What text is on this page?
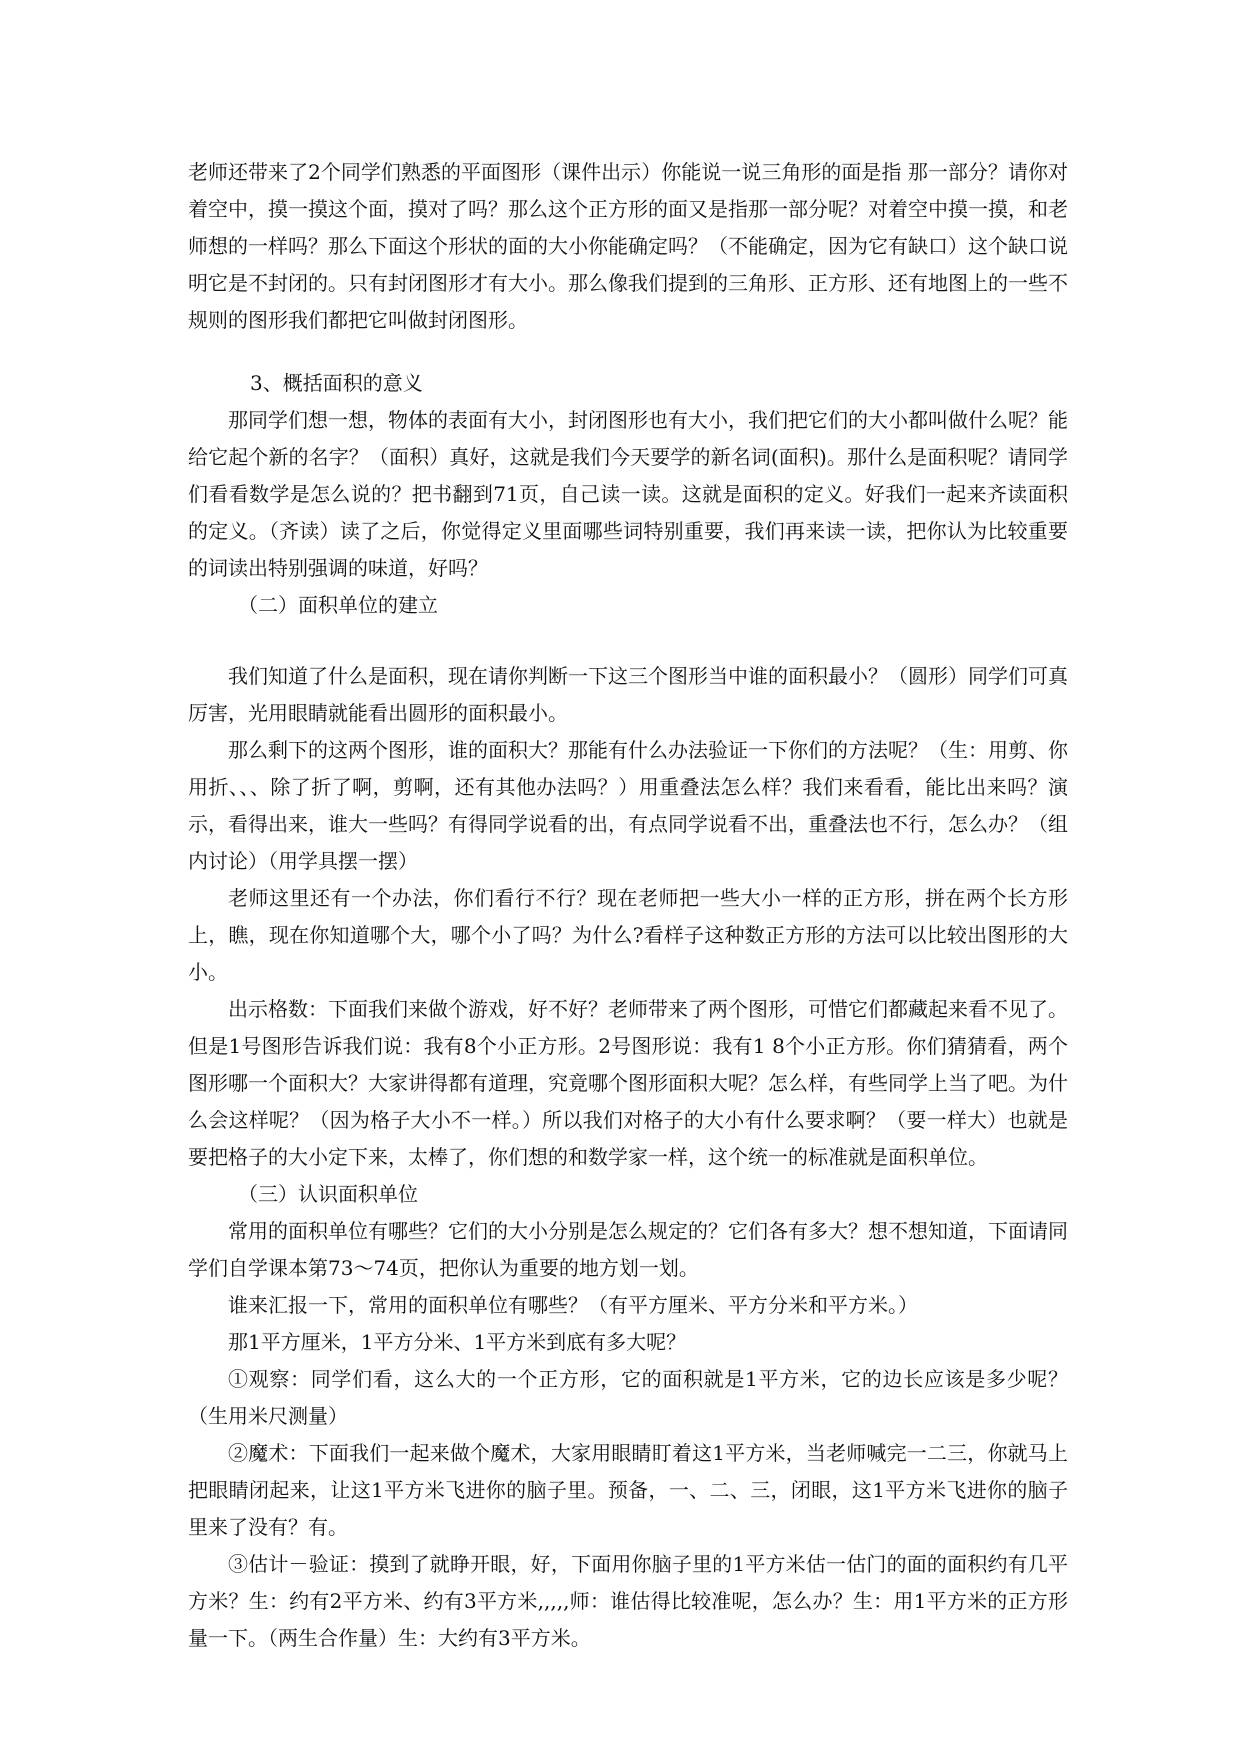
老师还带来了2个同学们熟悉的平面图形（课件出示）你能说一说三角形的面是指 那一部分？请你对着空中，摸一摸这个面，摸对了吗？那么这个正方形的面又是指那一部分呢？对着空中摸一摸，和老师想的一样吗？那么下面这个形状的面的大小你能确定吗？（不能确定，因为它有缺口）这个缺口说明它是不封闭的。只有封闭图形才有大小。那么像我们提到的三角形、正方形、还有地图上的一些不规则的图形我们都把它叫做封闭图形。

3、概括面积的意义

那同学们想一想，物体的表面有大小，封闭图形也有大小，我们把它们的大小都叫做什么呢？能给它起个新的名字？（面积）真好，这就是我们今天要学的新名词(面积)。那什么是面积呢？请同学们看看数学是怎么说的？把书翻到71页，自己读一读。这就是面积的定义。好我们一起来齐读面积的定义。（齐读）读了之后，你觉得定义里面哪些词特别重要，我们再来读一读，把你认为比较重要的词读出特别强调的味道，好吗？

（二）面积单位的建立

我们知道了什么是面积，现在请你判断一下这三个图形当中谁的面积最小？（圆形）同学们可真厉害，光用眼睛就能看出圆形的面积最小。

那么剩下的这两个图形，谁的面积大？那能有什么办法验证一下你们的方法呢？（生：用剪、你用折、、、除了折了啊，剪啊，还有其他办法吗？）用重叠法怎么样？我们来看看，能比出来吗？演示，看得出来，谁大一些吗？有得同学说看的出，有点同学说看不出，重叠法也不行，怎么办？（组内讨论）（用学具摆一摆）

老师这里还有一个办法，你们看行不行？现在老师把一些大小一样的正方形，拼在两个长方形上，瞧，现在你知道哪个大，哪个小了吗？为什么?看样子这种数正方形的方法可以比较出图形的大小。

出示格数：下面我们来做个游戏，好不好？老师带来了两个图形，可惜它们都藏起来看不见了。但是1号图形告诉我们说：我有8个小正方形。2号图形说：我有1 8个小正方形。你们猜猜看，两个图形哪一个面积大？大家讲得都有道理，究竟哪个图形面积大呢？怎么样，有些同学上当了吧。为什么会这样呢？（因为格子大小不一样。）所以我们对格子的大小有什么要求啊？（要一样大）也就是要把格子的大小定下来，太棒了，你们想的和数学家一样，这个统一的标准就是面积单位。

（三）认识面积单位

常用的面积单位有哪些？它们的大小分别是怎么规定的？它们各有多大？想不想知道，下面请同学们自学课本第73～74页，把你认为重要的地方划一划。

谁来汇报一下，常用的面积单位有哪些？（有平方厘米、平方分米和平方米。）

那1平方厘米，1平方分米、1平方米到底有多大呢？

①观察：同学们看，这么大的一个正方形，它的面积就是1平方米，它的边长应该是多少呢？（生用米尺测量）

②魔术：下面我们一起来做个魔术，大家用眼睛盯着这1平方米，当老师喊完一二三，你就马上把眼睛闭起来，让这1平方米飞进你的脑子里。预备，一、二、三，闭眼，这1平方米飞进你的脑子里来了没有？有。

③估计－验证：摸到了就睁开眼，好，下面用你脑子里的1平方米估一估门的面的面积约有几平方米？生：约有2平方米、约有3平方米,,,,,师：谁估得比较准呢，怎么办？生：用1平方米的正方形量一下。（两生合作量）生：大约有3平方米。
